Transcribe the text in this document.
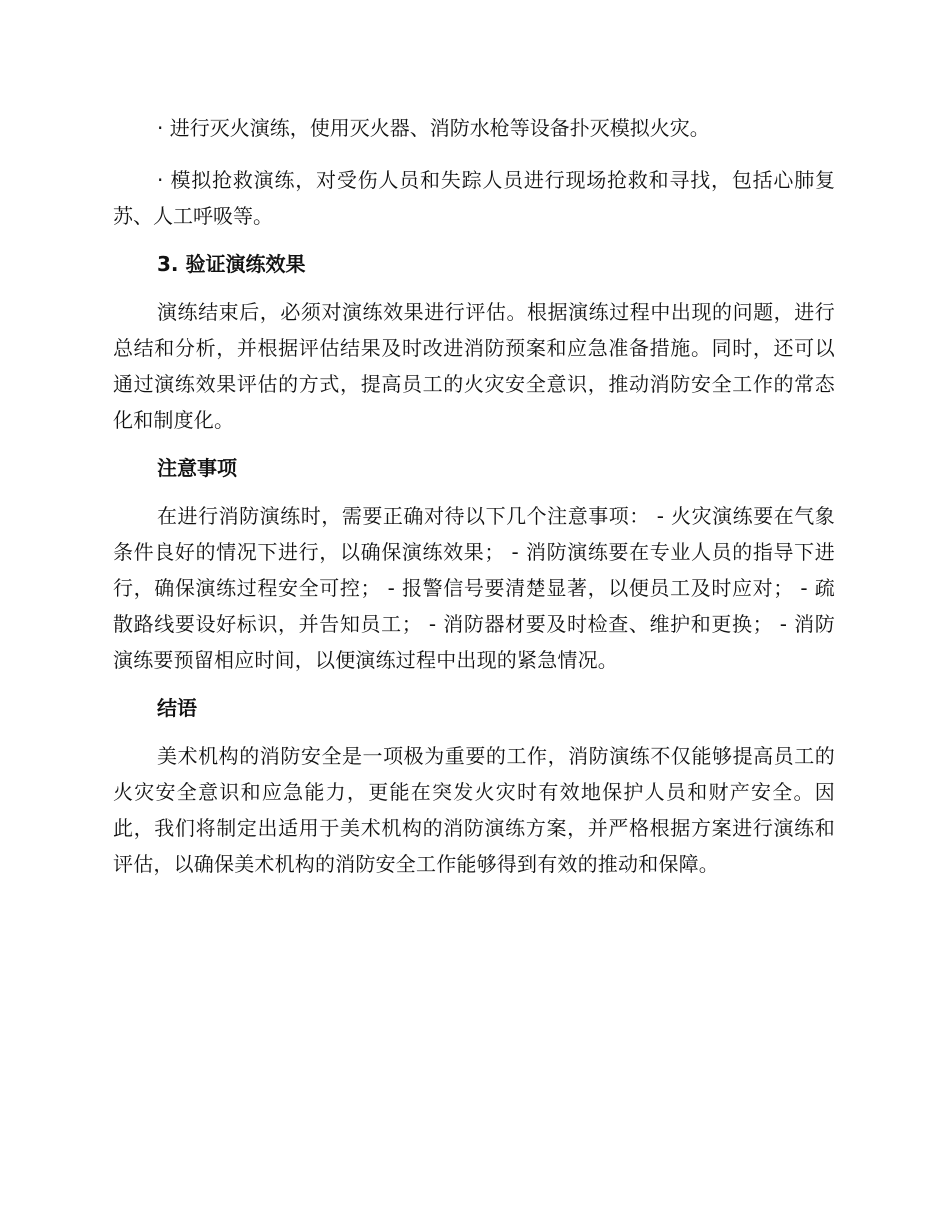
· 进行灭火演练，使用灭火器、消防水枪等设备扑灭模拟火灾。

· 模拟抢救演练，对受伤人员和失踪人员进行现场抢救和寻找，包括心肺复苏、人工呼吸等。

3. 验证演练效果

演练结束后，必须对演练效果进行评估。根据演练过程中出现的问题，进行总结和分析，并根据评估结果及时改进消防预案和应急准备措施。同时，还可以通过演练效果评估的方式，提高员工的火灾安全意识，推动消防安全工作的常态化和制度化。

注意事项

在进行消防演练时，需要正确对待以下几个注意事项： - 火灾演练要在气象条件良好的情况下进行，以确保演练效果； - 消防演练要在专业人员的指导下进行，确保演练过程安全可控； - 报警信号要清楚显著，以便员工及时应对； - 疏散路线要设好标识，并告知员工； - 消防器材要及时检查、维护和更换； - 消防演练要预留相应时间，以便演练过程中出现的紧急情况。

结语

美术机构的消防安全是一项极为重要的工作，消防演练不仅能够提高员工的火灾安全意识和应急能力，更能在突发火灾时有效地保护人员和财产安全。因此，我们将制定出适用于美术机构的消防演练方案，并严格根据方案进行演练和评估，以确保美术机构的消防安全工作能够得到有效的推动和保障。
